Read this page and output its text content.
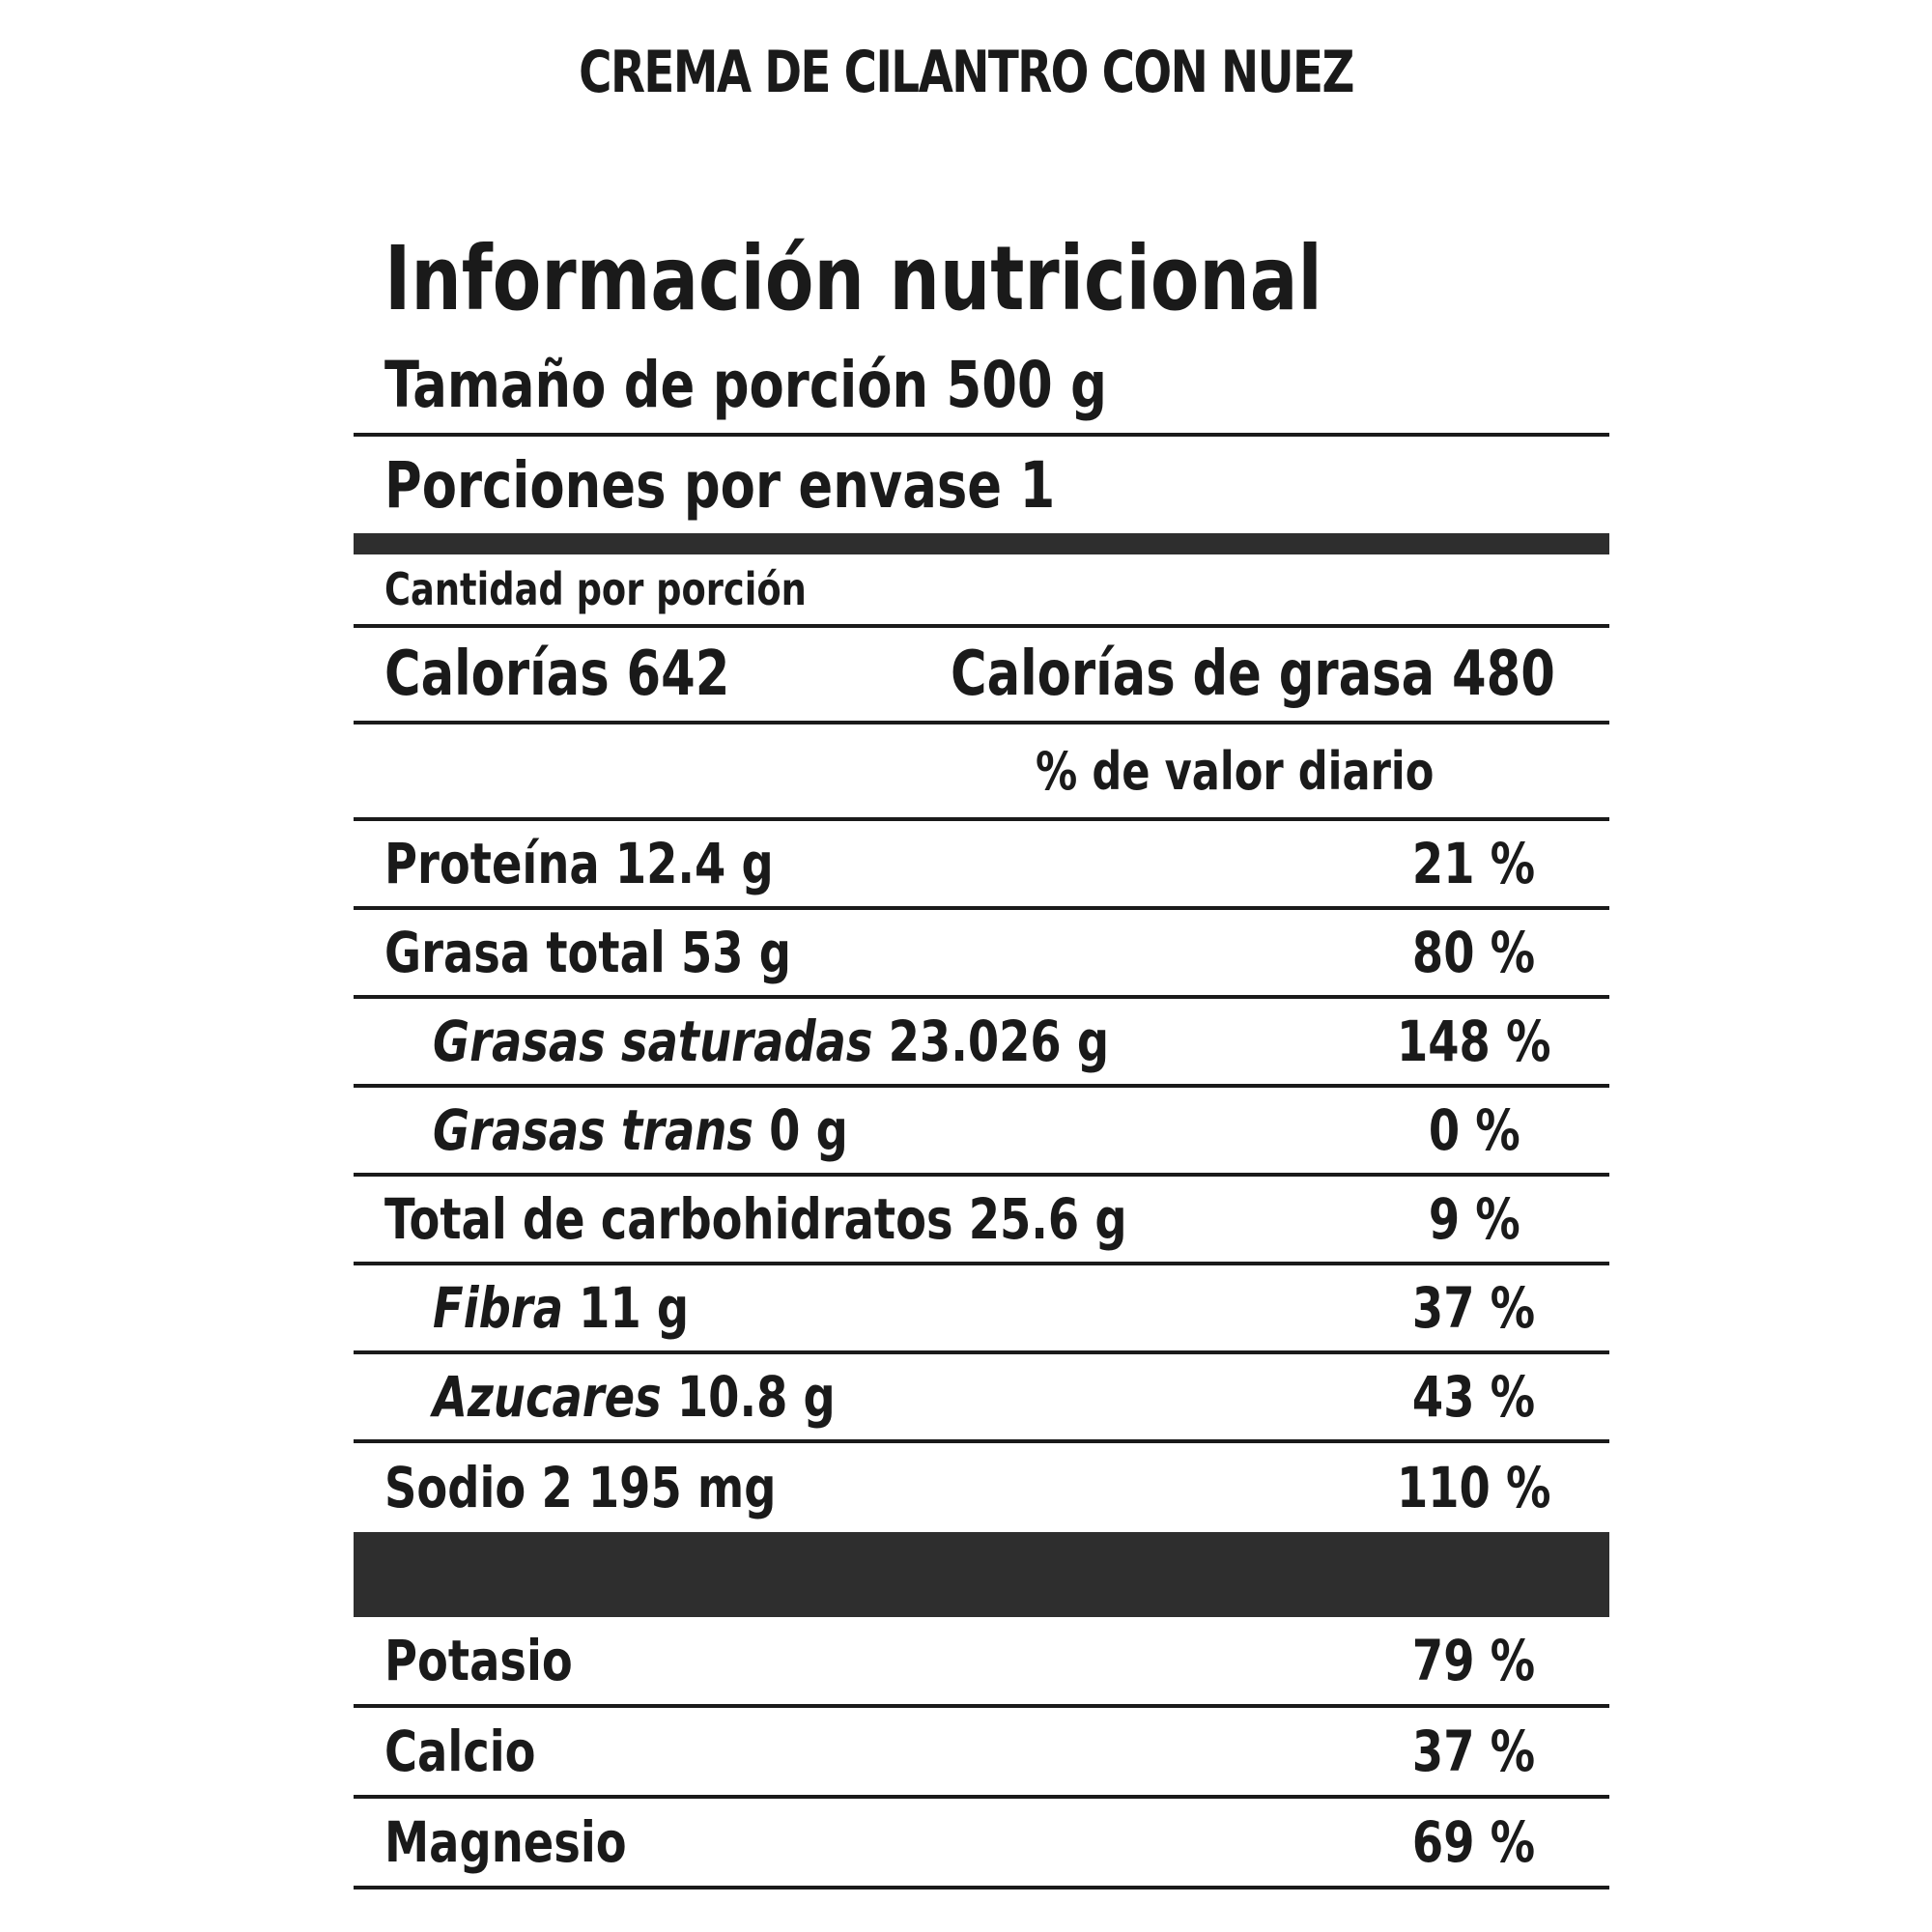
CREMA DE CILANTRO CON NUEZ
Información nutricional
Tamaño de porción 500 g
Porciones por envase 1
Cantidad por porción
Calorías 642	Calorías de grasa 480
% de valor diario
Proteína 12.4 g	21 %
Grasa total 53 g	80 %
Grasas saturadas 23.026 g	148 %
Grasas trans 0 g	0 %
Total de carbohidratos 25.6 g	9 %
Fibra 11 g	37 %
Azucares 10.8 g	43 %
Sodio 2 195 mg	110 %
Potasio	79 %
Calcio	37 %
Magnesio	69 %
